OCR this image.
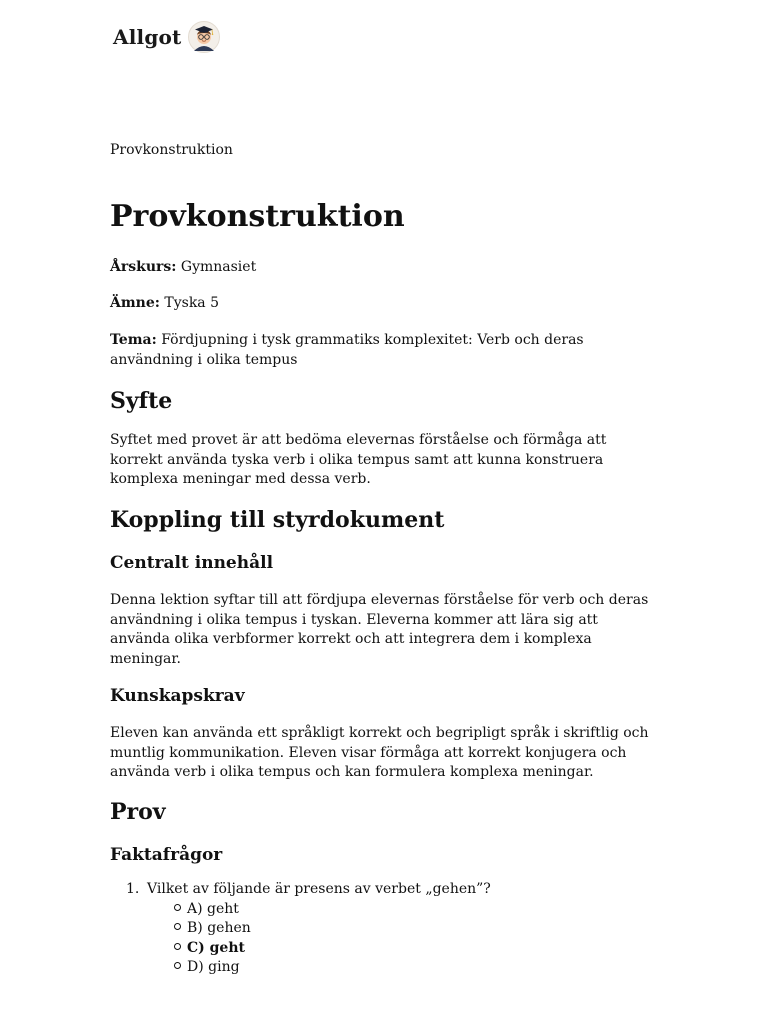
Allgot
Provkonstruktion
Provkonstruktion
Årskurs: Gymnasiet
Ämne: Tyska 5
Tema: Fördjupning i tysk grammatiks komplexitet: Verb och deras
användning i olika tempus
Syfte
Syftet med provet är att bedöma elevernas förståelse och förmåga att
korrekt använda tyska verb i olika tempus samt att kunna konstruera
komplexa meningar med dessa verb.
Koppling till styrdokument
Centralt innehåll
Denna lektion syftar till att fördjupa elevernas förståelse för verb och deras
användning i olika tempus i tyskan. Eleverna kommer att lära sig att
använda olika verbformer korrekt och att integrera dem i komplexa
meningar.
Kunskapskrav
Eleven kan använda ett språkligt korrekt och begripligt språk i skriftlig och
muntlig kommunikation. Eleven visar förmåga att korrekt konjugera och
använda verb i olika tempus och kan formulera komplexa meningar.
Prov
Faktafrågor
1. Vilket av följande är presens av verbet „gehen”?
A) geht
B) gehen
C) geht
D) ging
